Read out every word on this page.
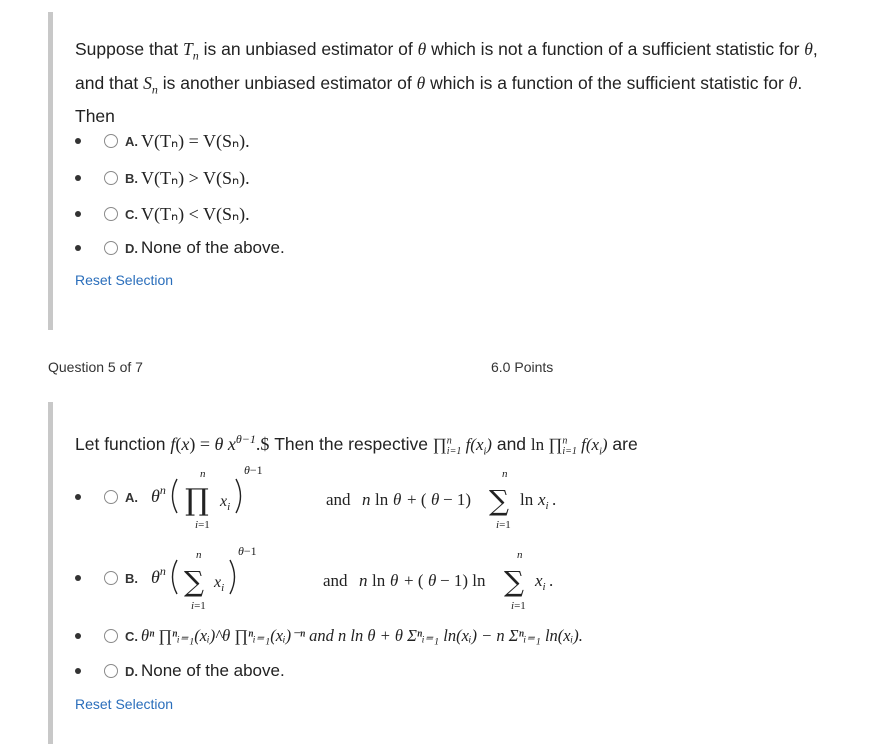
Suppose that $T_n$ is an unbiased estimator of θ which is not a function of a sufficient statistic for θ,
and that $S_n$ is another unbiased estimator of θ which is a function of the sufficient statistic for θ.
Then
A. V(Tₙ) = V(Sₙ).
B. V(Tₙ) > V(Sₙ).
C. V(Tₙ) < V(Sₙ).
D. None of the above.
Reset Selection
Question 5 of 7	6.0 Points
Let function f(x) = θ $x^{\theta-1}.\$$ Then the respective ∏$^n_{i=1}$ $f(x_i)$ and ln ∏$^n_{i=1}$ $f(x_i)$ are
A. $\theta^n$
n
∏
i=1
$x_i$
θ−1
and n ln θ + ( θ − 1)
n
∑
i=1
$\ln x_i$ .
B. $\theta^n$
n
∑
i=1
$x_i$
θ−1
and n ln θ + ( θ − 1) ln
n
∑
i=1
$x_i$ .
C. θⁿ ∏ⁿᵢ₌₁(xᵢ)^θ ∏ⁿᵢ₌₁(xᵢ)⁻ⁿ and n ln θ + θ Σⁿᵢ₌₁ ln(xᵢ) − n Σⁿᵢ₌₁ ln(xᵢ).
D. None of the above.
Reset Selection
